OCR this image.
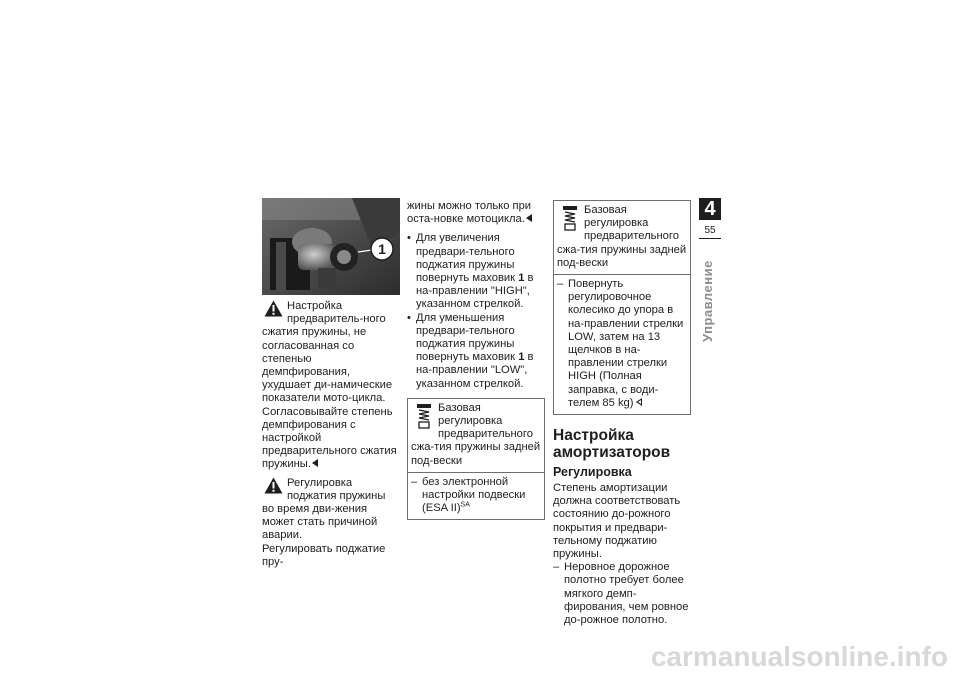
1

Настройка предваритель-ного сжатия пружины, не согласованная со степенью демпфирования, ухудшает ди-намические показатели мото-цикла.
Согласовывайте степень демпфирования с настройкой предварительного сжатия пружины.

Регулировка поджатия пружины во время дви-жения может стать причиной аварии.

Регулировать поджатие пру-

жины можно только при оста-новке мотоцикла.

• Для увеличения предвари-тельного поджатия пружины повернуть маховик 1 в на-правлении "HIGH", указанном стрелкой.
• Для уменьшения предвари-тельного поджатия пружины повернуть маховик 1 в на-правлении "LOW", указанном стрелкой.

Базовая регулировка предварительного сжа-тия пружины задней под-вески

– без электронной настройки подвески (ESA II)$^{SA}$

Базовая регулировка предварительного сжа-тия пружины задней под-вески

– Повернуть регулировочное колесико до упора в на-правлении стрелки LOW, затем на 13 щелчков в на-правлении стрелки HIGH (Полная заправка, с води-телем 85 kg)
Настройка амортизаторов
Регулировка

Степень амортизации должна соответствовать состоянию до-рожного покрытия и предвари-тельному поджатию пружины.

– Неровное дорожное полотно требует более мягкого демп-фирования, чем ровное до-рожное полотно.
4
55
Управление
carmanualsonline.info
